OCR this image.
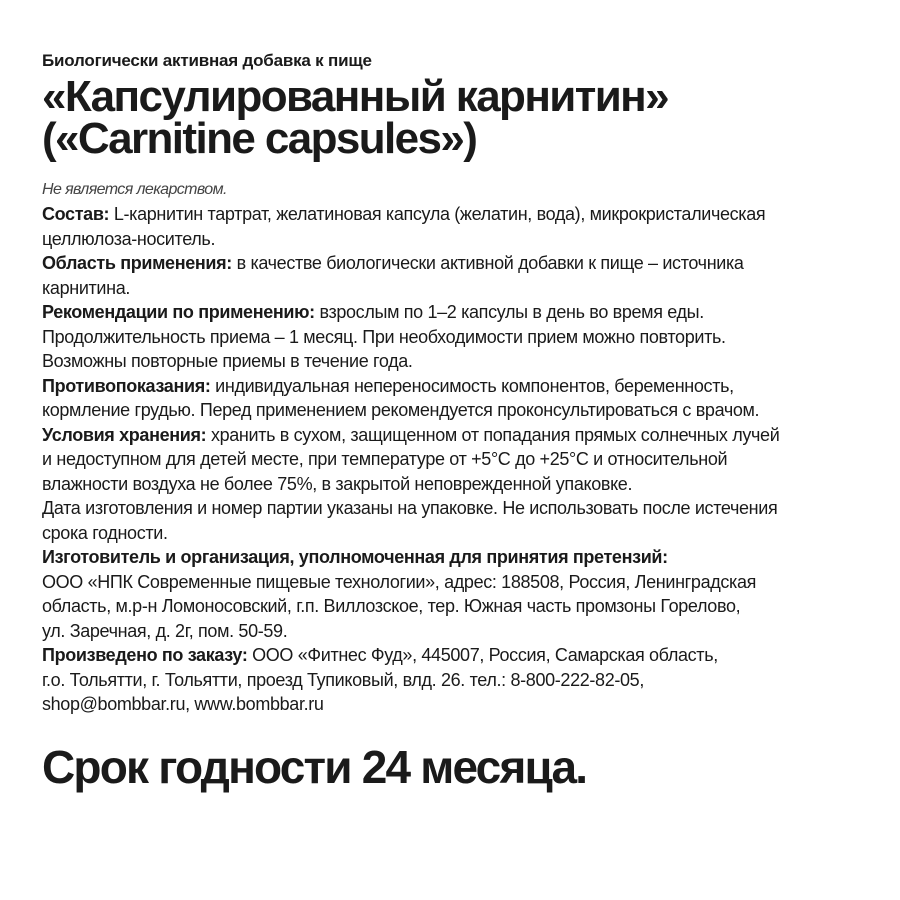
Биологически активная добавка к пище

«Капсулированный карнитин»
(«Carnitine capsules»)

Не является лекарством.

Состав: L-карнитин тартрат, желатиновая капсула (желатин, вода), микрокристалическая
целлюлоза-носитель.
Область применения: в качестве биологически активной добавки к пище – источника
карнитина.
Рекомендации по применению: взрослым по 1–2 капсулы в день во время еды.
Продолжительность приема – 1 месяц. При необходимости прием можно повторить.
Возможны повторные приемы в течение года.
Противопоказания: индивидуальная непереносимость компонентов, беременность,
кормление грудью. Перед применением рекомендуется проконсультироваться с врачом.
Условия хранения: хранить в сухом, защищенном от попадания прямых солнечных лучей
и недоступном для детей месте, при температуре от +5°C до +25°C и относительной
влажности воздуха не более 75%, в закрытой неповрежденной упаковке.
Дата изготовления и номер партии указаны на упаковке. Не использовать после истечения
срока годности.
Изготовитель и организация, уполномоченная для принятия претензий:
ООО «НПК Современные пищевые технологии», адрес: 188508, Россия, Ленинградская
область, м.р-н Ломоносовский, г.п. Виллозское, тер. Южная часть промзоны Горелово,
ул. Заречная, д. 2г, пом. 50-59.
Произведено по заказу: ООО «Фитнес Фуд», 445007, Россия, Самарская область,
г.о. Тольятти, г. Тольятти, проезд Тупиковый, влд. 26. тел.: 8-800-222-82-05,
shop@bombbar.ru, www.bombbar.ru

Срок годности 24 месяца.
